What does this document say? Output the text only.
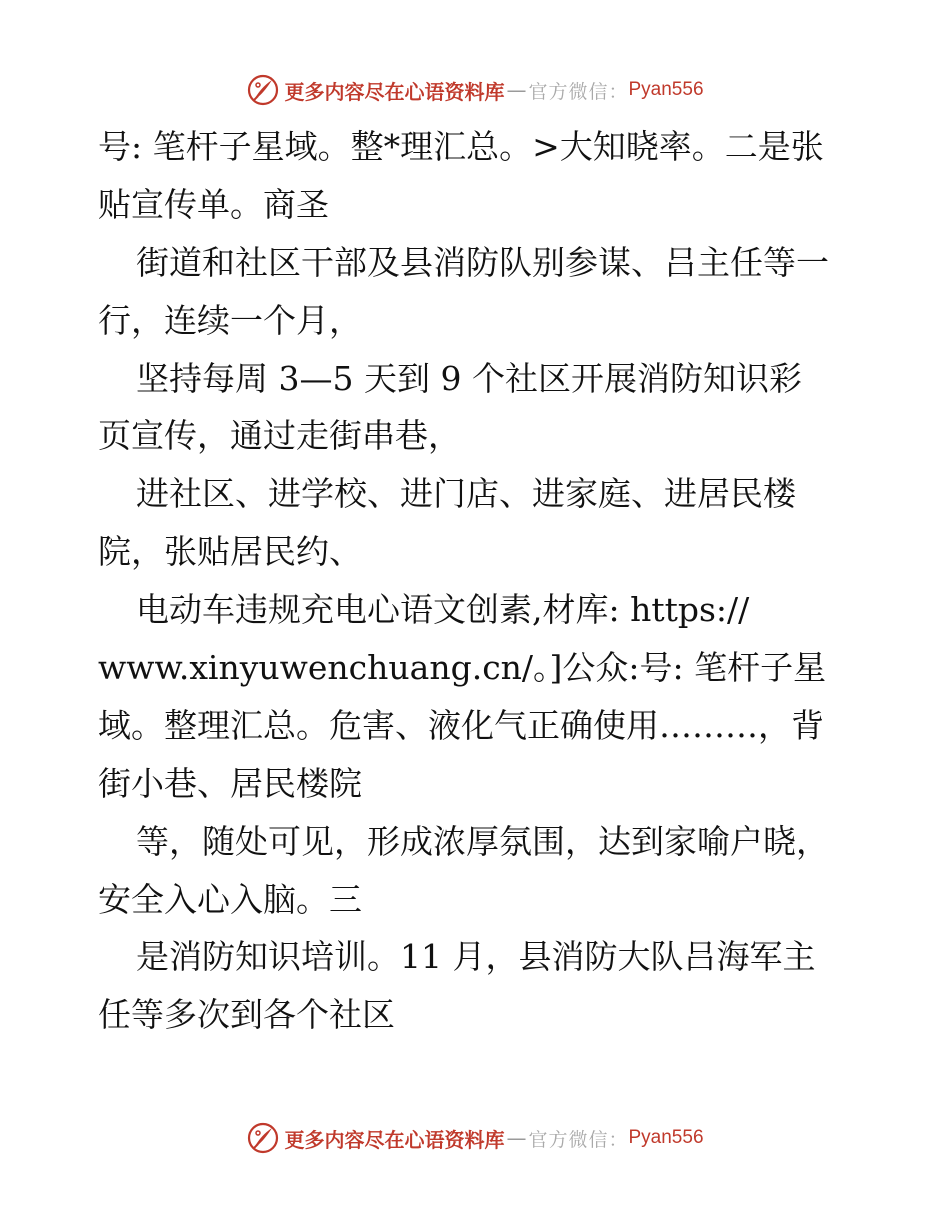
更多内容尽在心语资料库 — 官方微信： Pyan556
号: 笔杆子星域。整*理汇总。>大知晓率。二是张
贴宣传单。商圣
街道和社区干部及县消防队别参谋、吕主任等一
行，连续一个月，
坚持每周 3—5 天到 9 个社区开展消防知识彩
页宣传，通过走街串巷，
进社区、进学校、进门店、进家庭、进居民楼
院，张贴居民约、
电动车违规充电心语文创素,材库: https://
www.xinyuwenchuang.cn/。]公众:号: 笔杆子星
域。整理汇总。危害、液化气正确使用………，背
街小巷、居民楼院
等，随处可见，形成浓厚氛围，达到家喻户晓，
安全入心入脑。三
是消防知识培训。11 月，县消防大队吕海军主
任等多次到各个社区
更多内容尽在心语资料库 — 官方微信： Pyan556
